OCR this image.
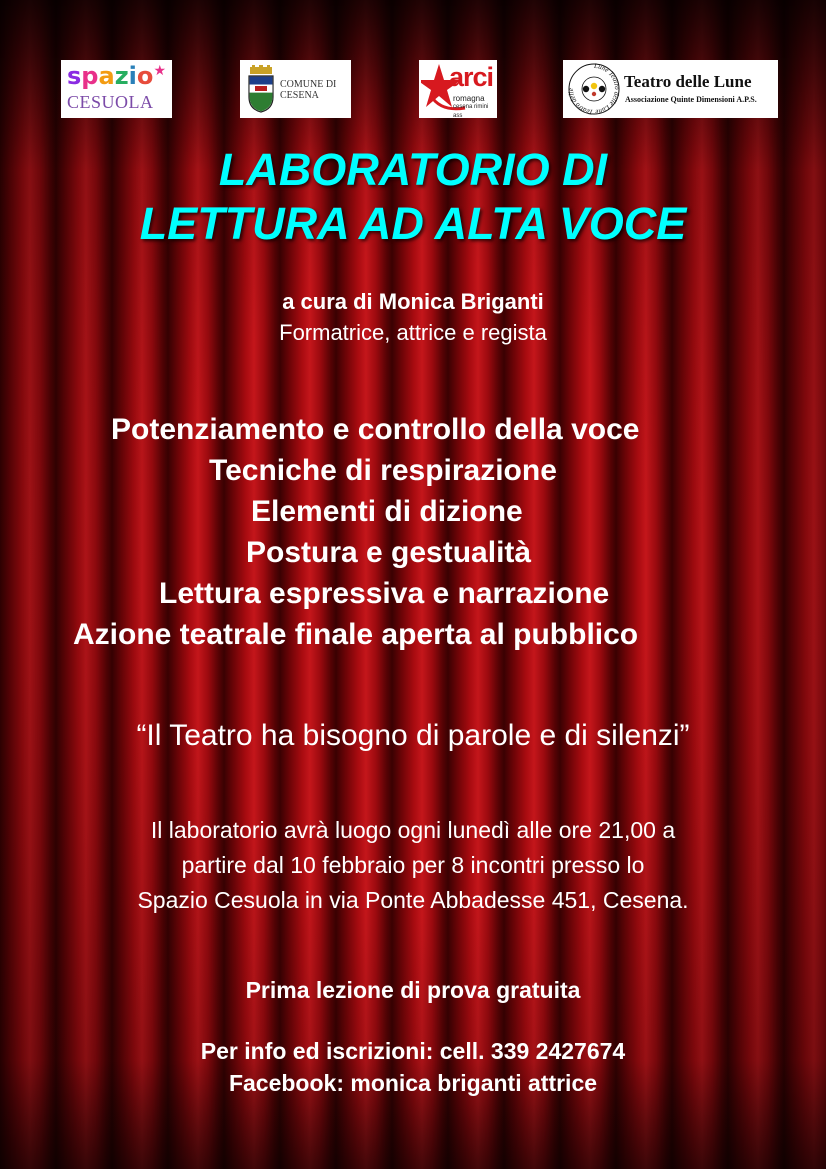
spazio ★
CESUOLA
COMUNE DI
CESENA
arci
romagna
cesena rimini ass
Lune Teatro delle Lune Teatro delle	Teatro delle Lune
Associazione Quinte Dimensioni A.P.S.
LABORATORIO DI
LETTURA AD ALTA VOCE
a cura di Monica Briganti
Formatrice, attrice e regista
Potenziamento e controllo della voce
Tecniche di respirazione
Elementi di dizione
Postura e gestualità
Lettura espressiva e narrazione
Azione teatrale finale aperta al pubblico
“Il Teatro ha bisogno di parole e di silenzi”
Il laboratorio avrà luogo ogni lunedì alle ore 21,00 a
partire dal 10 febbraio per 8 incontri presso lo
Spazio Cesuola in via Ponte Abbadesse 451, Cesena.
Prima lezione di prova gratuita
Per info ed iscrizioni: cell. 339 2427674
Facebook: monica briganti attrice
